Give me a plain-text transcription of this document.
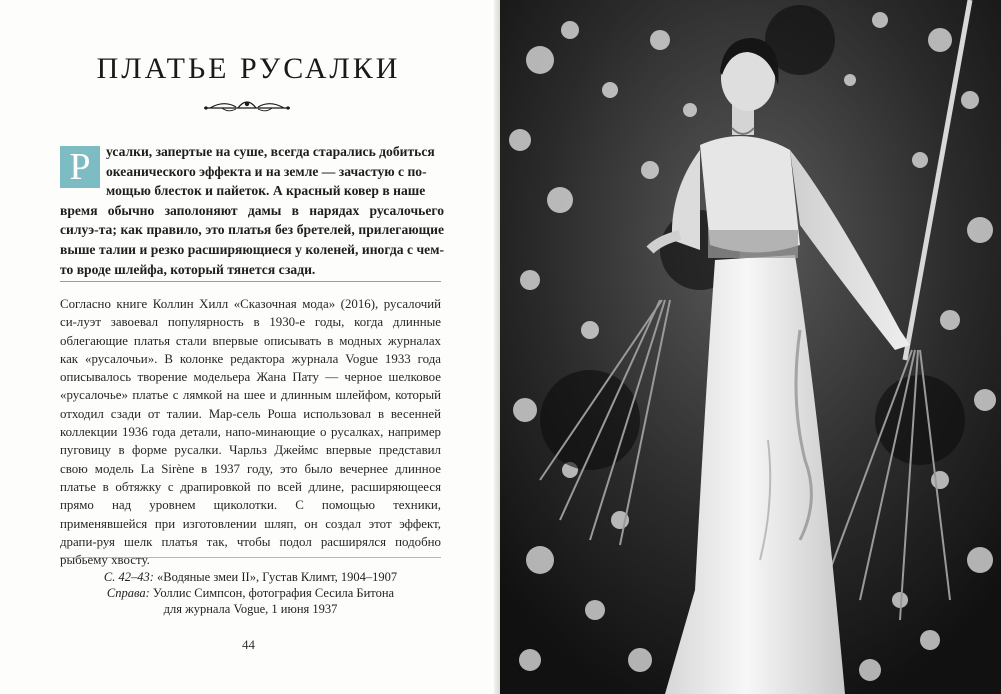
ПЛАТЬЕ РУСАЛКИ
Р	усалки, запертые на суше, всегда старались добиться

океанического эффекта и на земле — зачастую с по-

мощью блесток и пайеток. А красный ковер в наше

время обычно заполоняют дамы в нарядах русалочьего силуэ-та; как правило, это платья без бретелей, прилегающие выше талии и резко расширяющиеся у коленей, иногда с чем-то вроде шлейфа, который тянется сзади.

Согласно книге Коллин Хилл «Сказочная мода» (2016), русалочий си-луэт завоевал популярность в 1930-е годы, когда длинные облегающие платья стали впервые описывать в модных журналах как «русалочьи». В колонке редактора журнала Vogue 1933 года описывалось творение модельера Жана Пату — черное шелковое «русалочье» платье с лямкой на шее и длинным шлейфом, который отходил сзади от талии. Мар-сель Роша использовал в весенней коллекции 1936 года детали, напо-минающие о русалках, например пуговицу в форме русалки. Чарльз Джеймс впервые представил свою модель La Sirène в 1937 году, это было вечернее длинное платье в обтяжку с драпировкой по всей длине, расширяющееся прямо над уровнем щиколотки. С помощью техники, применявшейся при изготовлении шляп, он создал этот эффект, драпи-руя шелк платья так, чтобы подол расширялся подобно рыбьему хвосту.

С. 42–43: «Водяные змеи II», Густав Климт, 1904–1907
Справа: Уоллис Симпсон, фотография Сесила Битона
для журнала Vogue, 1 июня 1937
44
